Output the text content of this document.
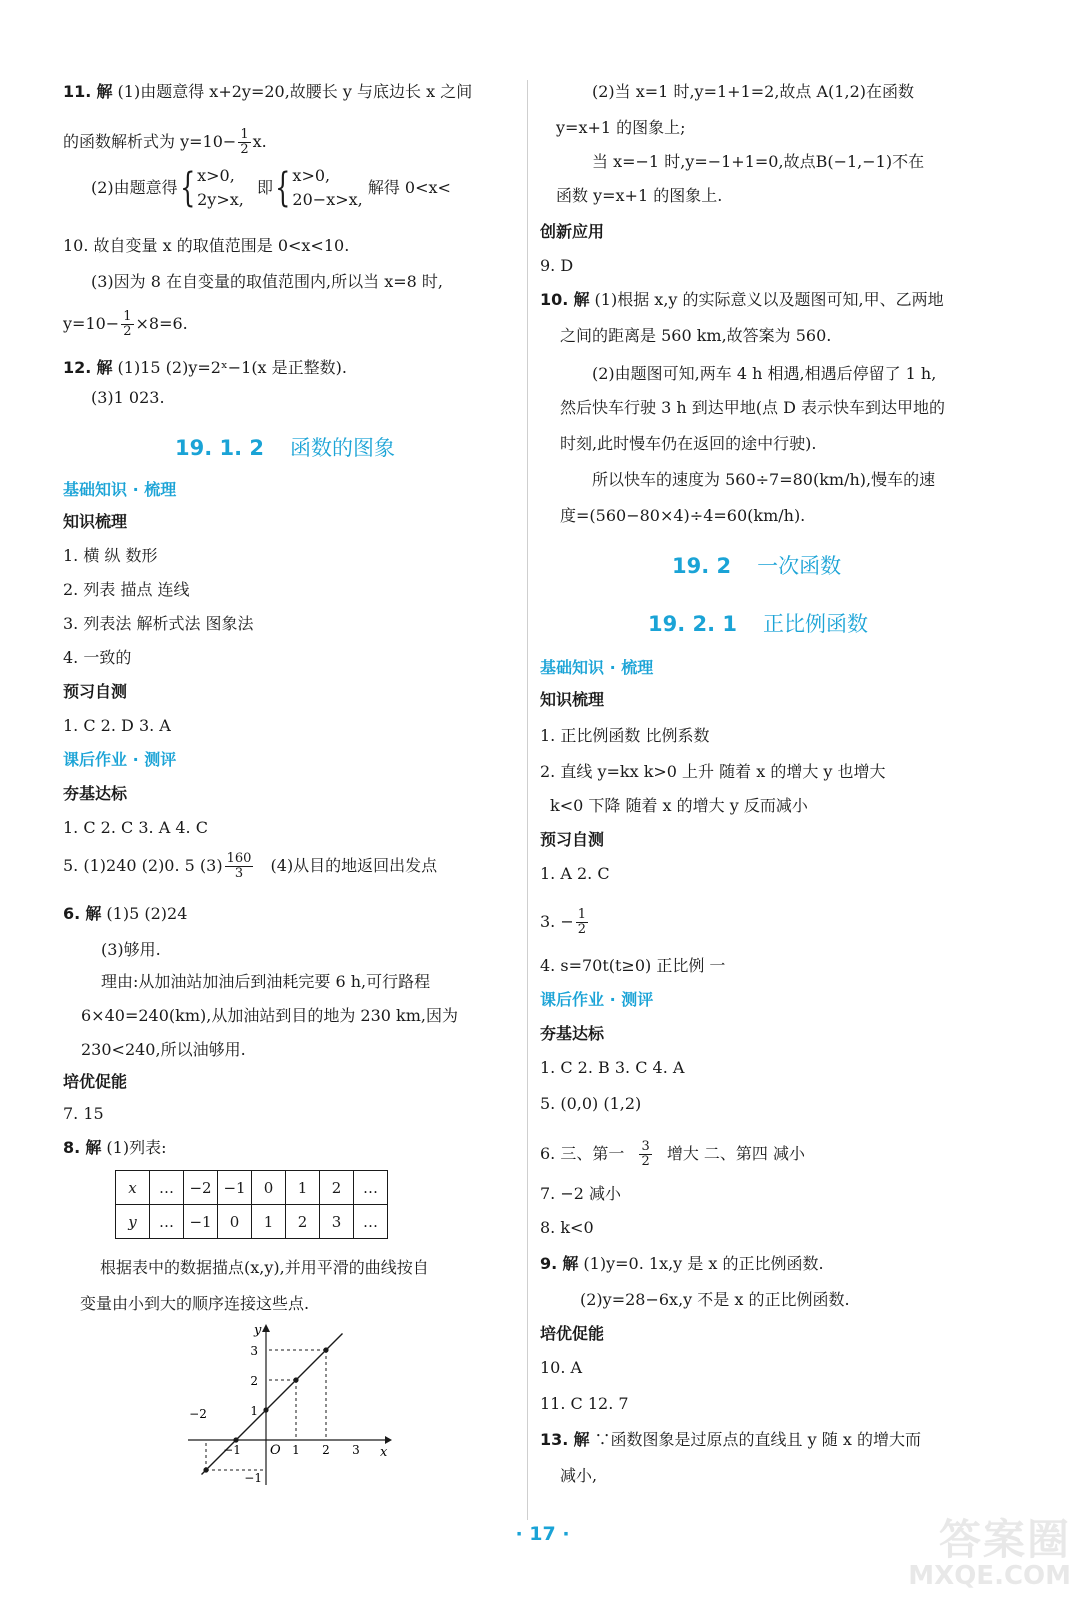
11. 解 (1)由题意得 x+2y=20,故腰长 y 与底边长 x 之间
的函数解析式为 $y=10- \frac{1}{2} x$.
(2)由题意得{ x>0,
2y>x,
即{ x>0,
20−x>x,
解得 0<x<
10. 故自变量 x 的取值范围是 0<x<10.
(3)因为 8 在自变量的取值范围内,所以当 x=8 时,
$y=10- \frac{1}{2} \times 8=6$.
12. 解 (1)15 (2)y=2ˣ−1(x 是正整数).
(3)1 023.
19. 1. 2 函数的图象
基础知识 · 梳理
知识梳理
1. 横 纵 数形
2. 列表 描点 连线
3. 列表法 解析式法 图象法
4. 一致的
预习自测
1. C 2. D 3. A
课后作业 · 测评
夯基达标
1. C 2. C 3. A 4. C
5. (1)240 (2)0. 5 $(3) \frac{160}{3} (4)$从目的地返回出发点
6. 解 (1)5 (2)24
(3)够用.
理由:从加油站加油后到油耗完要 6 h,可行路程
6×40=240(km),从加油站到目的地为 230 km,因为
230<240,所以油够用.
培优促能
7. 15
8. 解 (1)列表:
x	…	−2	−1	0	1	2	…
y	…	−1	0	1	2	3	…
根据表中的数据描点(x,y),并用平滑的曲线按自
变量由小到大的顺序连接这些点.
−2
−1	1 2 3
3
2
1
−1
O	x
y
(2)当 x=1 时,y=1+1=2,故点 A(1,2)在函数
y=x+1 的图象上;
当 x=−1 时,y=−1+1=0,故点B(−1,−1)不在
函数 y=x+1 的图象上.
创新应用
9. D
10. 解 (1)根据 x,y 的实际意义以及题图可知,甲、乙两地
之间的距离是 560 km,故答案为 560.
(2)由题图可知,两车 4 h 相遇,相遇后停留了 1 h,
然后快车行驶 3 h 到达甲地(点 D 表示快车到达甲地的
时刻,此时慢车仍在返回的途中行驶).
所以快车的速度为 560÷7=80(km/h),慢车的速
度=(560−80×4)÷4=60(km/h).
19. 2 一次函数
19. 2. 1 正比例函数
基础知识 · 梳理
知识梳理
1. 正比例函数 比例系数
2. 直线 y=kx k>0 上升 随着 x 的增大 y 也增大
k<0 下降 随着 x 的增大 y 反而减小
预习自测
1. A 2. C
3. − $\frac{1}{2}$
4. s=70t(t≥0) 正比例 一
课后作业 · 测评
夯基达标
1. C 2. B 3. C 4. A
5. (0,0) (1,2)
6. 三、第一 $\frac{3}{2}$ 增大 二、第四 减小
7. −2 减小
8. k<0
9. 解 (1)y=0. 1x,y 是 x 的正比例函数.
(2)y=28−6x,y 不是 x 的正比例函数.
培优促能
10. A
11. C 12. 7
13. 解 ∵函数图象是过原点的直线且 y 随 x 的增大而
减小,
· 17 ·	答案圈
MXQE.COM
